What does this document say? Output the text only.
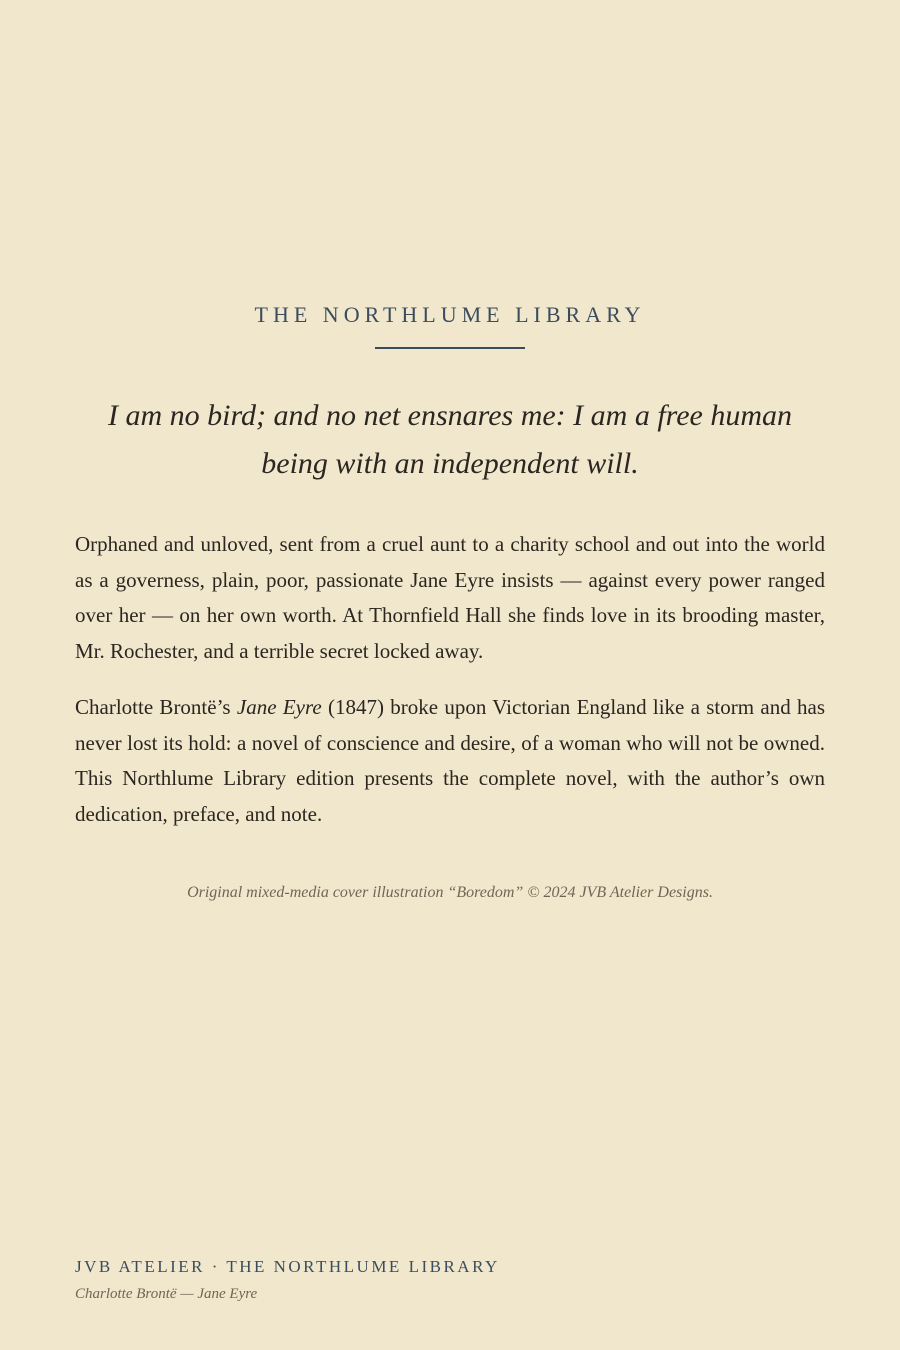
THE NORTHLUME LIBRARY
I am no bird; and no net ensnares me: I am a free human
being with an independent will.

Orphaned and unloved, sent from a cruel aunt to a charity school and out into the world as a governess, plain, poor, passionate Jane Eyre insists — against every power ranged over her — on her own worth. At Thornfield Hall she finds love in its brooding master, Mr. Rochester, and a terrible secret locked away.

Charlotte Brontë’s Jane Eyre (1847) broke upon Victorian England like a storm and has never lost its hold: a novel of conscience and desire, of a woman who will not be owned. This Northlume Library edition presents the complete novel, with the author’s own dedication, preface, and note.

Original mixed-media cover illustration “Boredom” © 2024 JVB Atelier Designs.
JVB ATELIER · THE NORTHLUME LIBRARY
Charlotte Brontë — Jane Eyre
